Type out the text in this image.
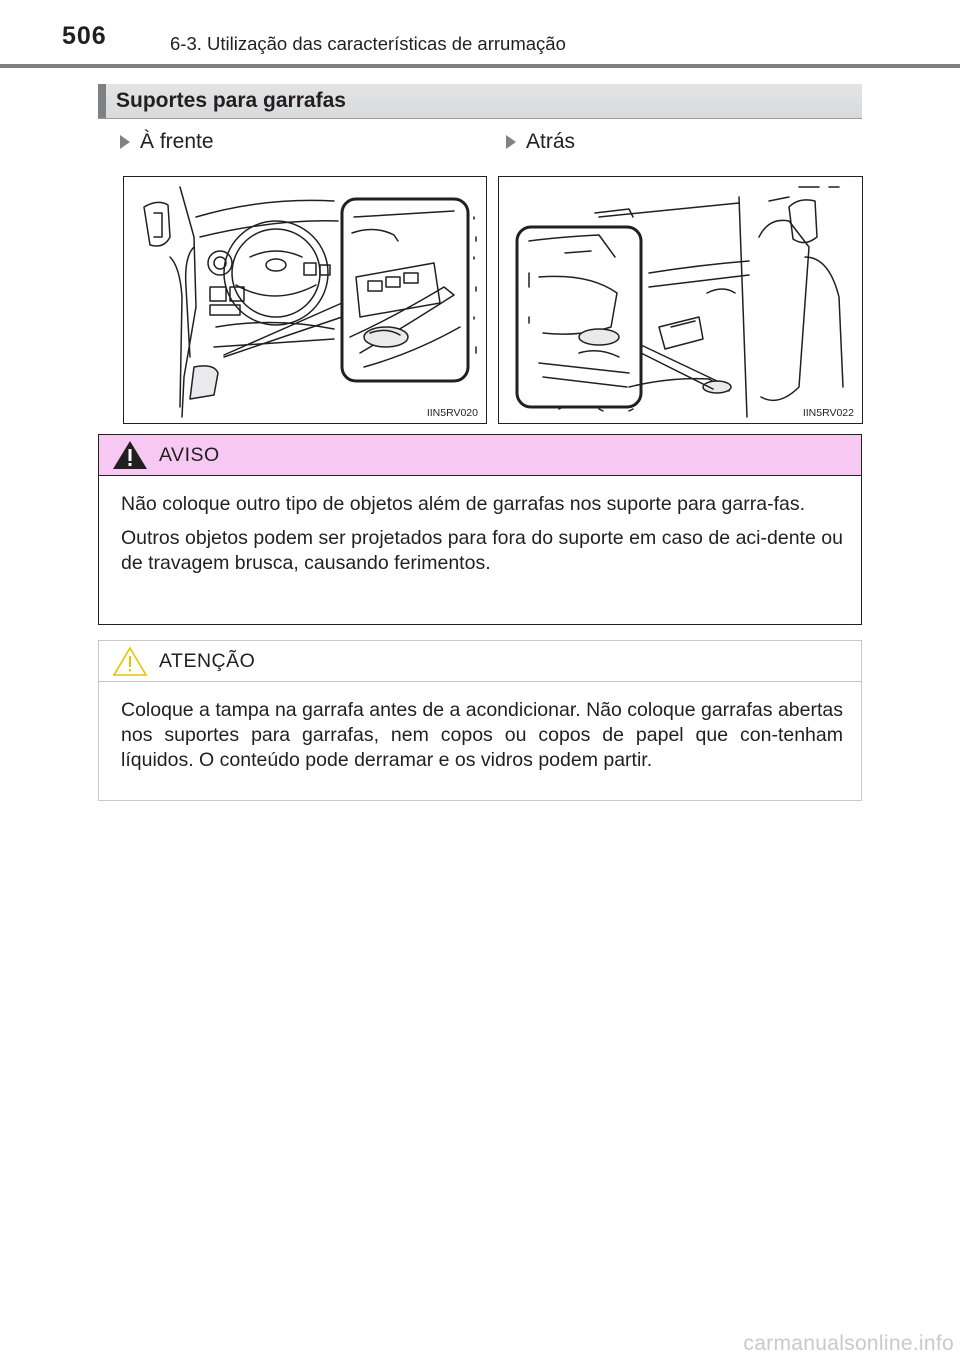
506	6-3. Utilização das características de arrumação
Suportes para garrafas
À frente	Atrás
IIN5RV020	IIN5RV022
AVISO

Não coloque outro tipo de objetos além de garrafas nos suporte para garra-fas.

Outros objetos podem ser projetados para fora do suporte em caso de aci-dente ou de travagem brusca, causando ferimentos.

ATENÇÃO

Coloque a tampa na garrafa antes de a acondicionar. Não coloque garrafas abertas nos suportes para garrafas, nem copos ou copos de papel que con-tenham líquidos. O conteúdo pode derramar e os vidros podem partir.

carmanualsonline.info
